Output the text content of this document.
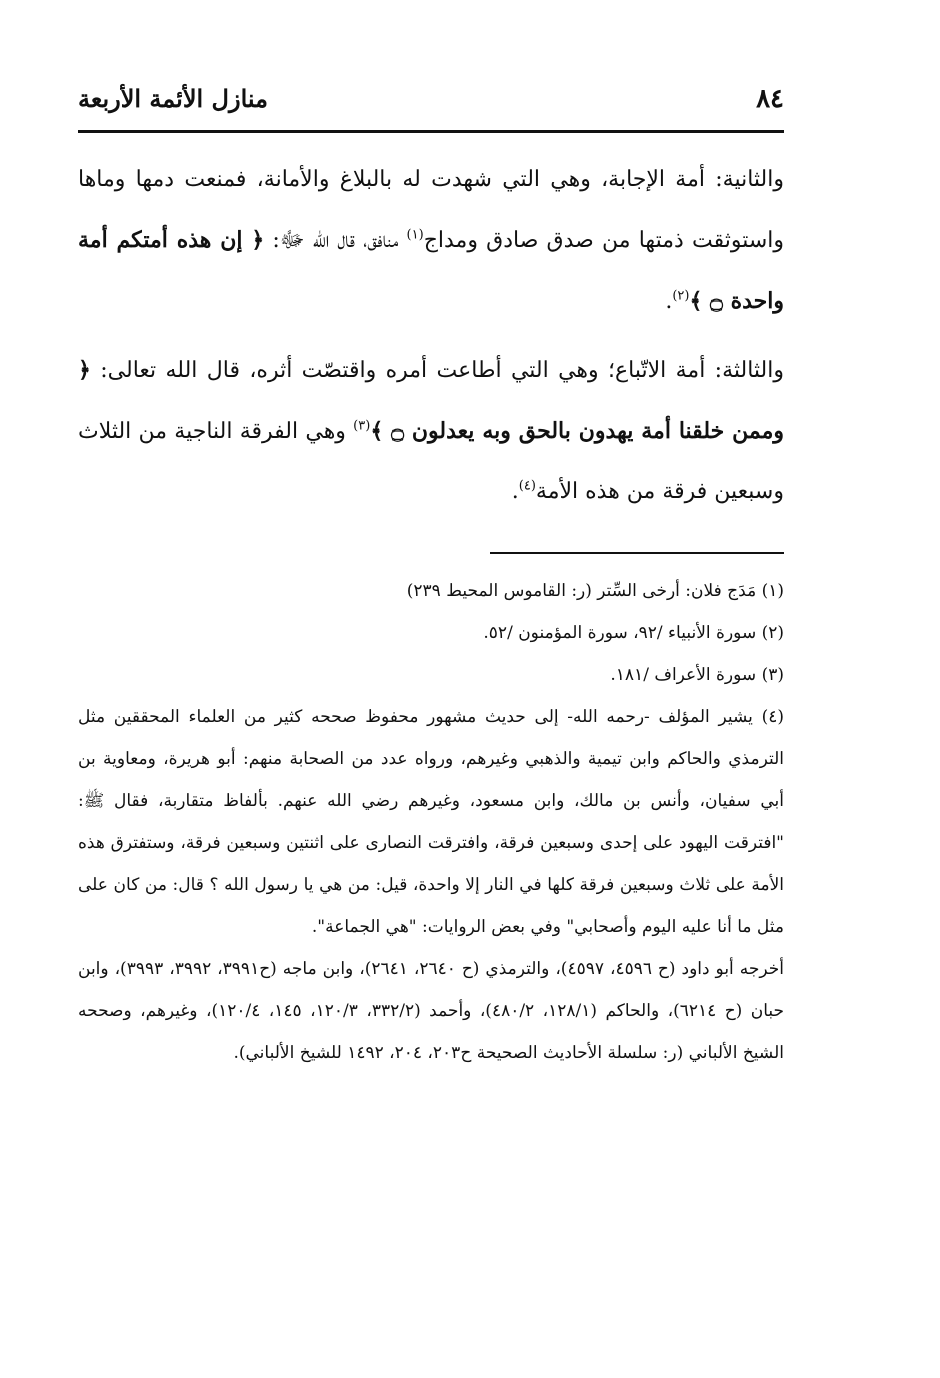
٨٤
منازل الأئمة الأربعة

والثانية: أمة الإجابة، وهي التي شهدت له بالبلاغ والأمانة، فمنعت دمها وماها واستوثقت ذمتها من صدق صادق ومداج$^{(١)}$ منافق، قال الله ﷻ: ﴿ إن هذه أمتكم أمة واحدة ۝ ﴾$^{(٢)}$.

والثالثة: أمة الاتّباع؛ وهي التي أطاعت أمره واقتصّت أثره، قال الله تعالى: ﴿ وممن خلقنا أمة يهدون بالحق وبه يعدلون ۝ ﴾$^{(٣)}$ وهي الفرقة الناجية من الثلاث وسبعين فرقة من هذه الأمة$^{(٤)}$.

(١) مَدَج فلان: أرخى السِّتر (ر: القاموس المحيط ٢٣٩)

(٢) سورة الأنبياء /٩٢، سورة المؤمنون /٥٢.

(٣) سورة الأعراف /١٨١.

(٤) يشير المؤلف -رحمه الله- إلى حديث مشهور محفوظ صححه كثير من العلماء المحققين مثل الترمذي والحاكم وابن تيمية والذهبي وغيرهم، ورواه عدد من الصحابة منهم: أبو هريرة، ومعاوية بن أبي سفيان، وأنس بن مالك، وابن مسعود، وغيرهم رضي الله عنهم. بألفاظ متقاربة، فقال ﷺ: "افترقت اليهود على إحدى وسبعين فرقة، وافترقت النصارى على اثنتين وسبعين فرقة، وستفترق هذه الأمة على ثلاث وسبعين فرقة كلها في النار إلا واحدة، قيل: من هي يا رسول الله ؟ قال: من كان على مثل ما أنا عليه اليوم وأصحابي" وفي بعض الروايات: "هي الجماعة".

أخرجه أبو داود (ح ٤٥٩٦، ٤٥٩٧)، والترمذي (ح ٢٦٤٠، ٢٦٤١)، وابن ماجه (ح٣٩٩١، ٣٩٩٢، ٣٩٩٣)، وابن حبان (ح ٦٢١٤)، والحاكم (١٢٨/١، ٤٨٠/٢)، وأحمد (٣٣٢/٢، ١٢٠/٣، ١٤٥، ١٢٠/٤)، وغيرهم، وصححه الشيخ الألباني (ر: سلسلة الأحاديث الصحيحة ح٢٠٣، ٢٠٤، ١٤٩٢ للشيخ الألباني).
